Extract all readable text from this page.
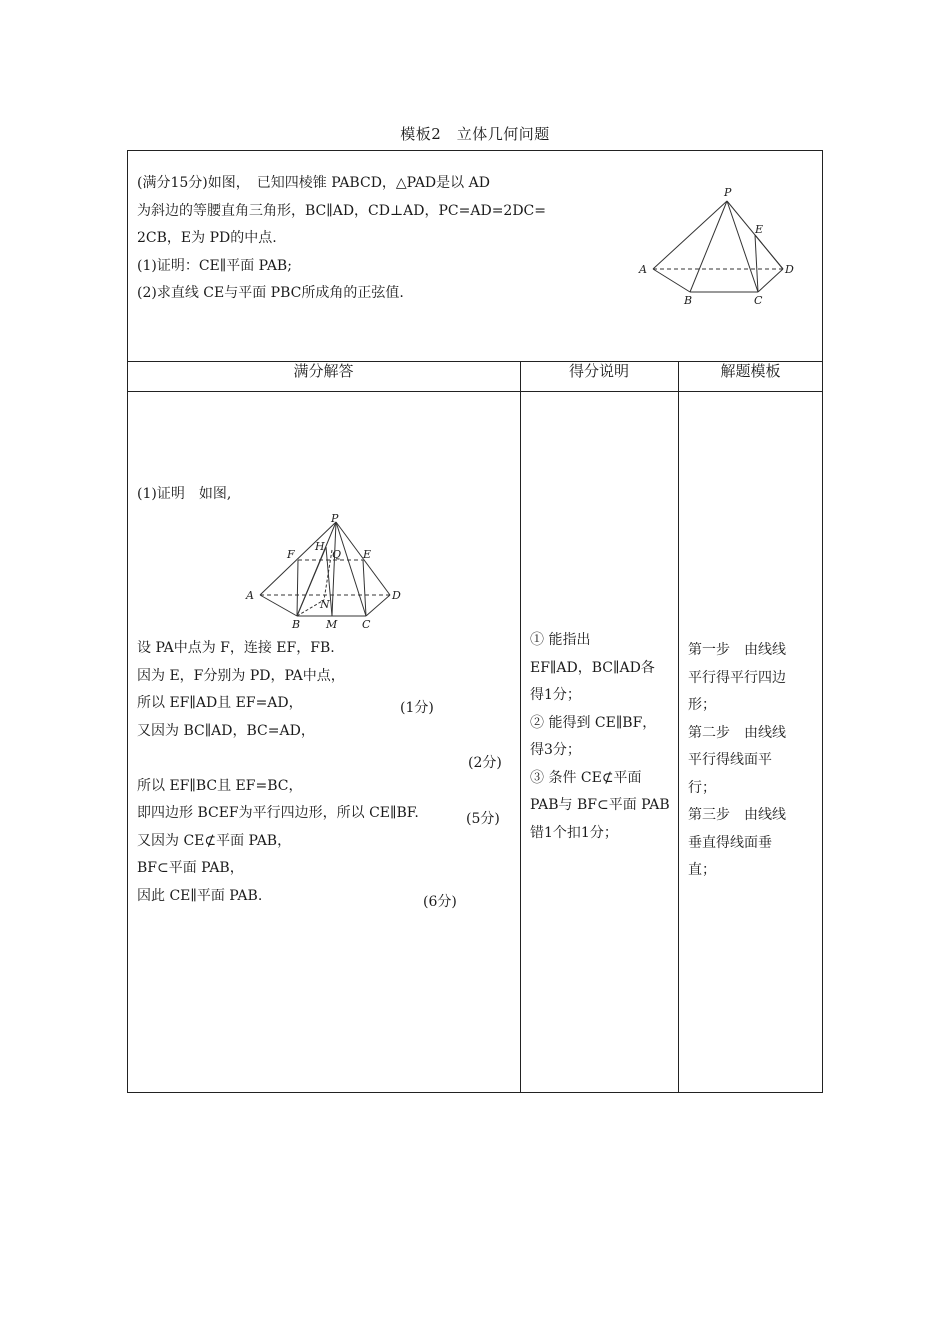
模板2　立体几何问题
(满分15分)如图，　已知四棱锥 PABCD，△PAD是以 AD
为斜边的等腰直角三角形，BC∥AD，CD⊥AD，PC=AD=2DC=
2CB，E为 PD的中点.
(1)证明：CE∥平面 PAB;
(2)求直线 CE与平面 PBC所成角的正弦值.
P
E
A	D
B	C
满分解答	得分说明	解题模板
(1)证明　如图,
P
H
Q
F	E
A	D
N
B M C
设 PA中点为 F，连接 EF，FB.
因为 E，F分别为 PD，PA中点，
所以 EF∥AD且 EF=AD，
又因为 BC∥AD，BC=AD，
所以 EF∥BC且 EF=BC，
即四边形 BCEF为平行四边形，所以 CE∥BF.
又因为 CE⊄平面 PAB，
BF⊂平面 PAB，
因此 CE∥平面 PAB.
(1分)
(2分)
(5分)
(6分)
① 能指出
EF∥AD，BC∥AD各
得1分；
② 能得到 CE∥BF，
得3分；
③ 条件 CE⊄平面
PAB与 BF⊂平面 PAB
错1个扣1分；
第一步　由线线
平行得平行四边
形；
第二步　由线线
平行得线面平
行；
第三步　由线线
垂直得线面垂
直；
